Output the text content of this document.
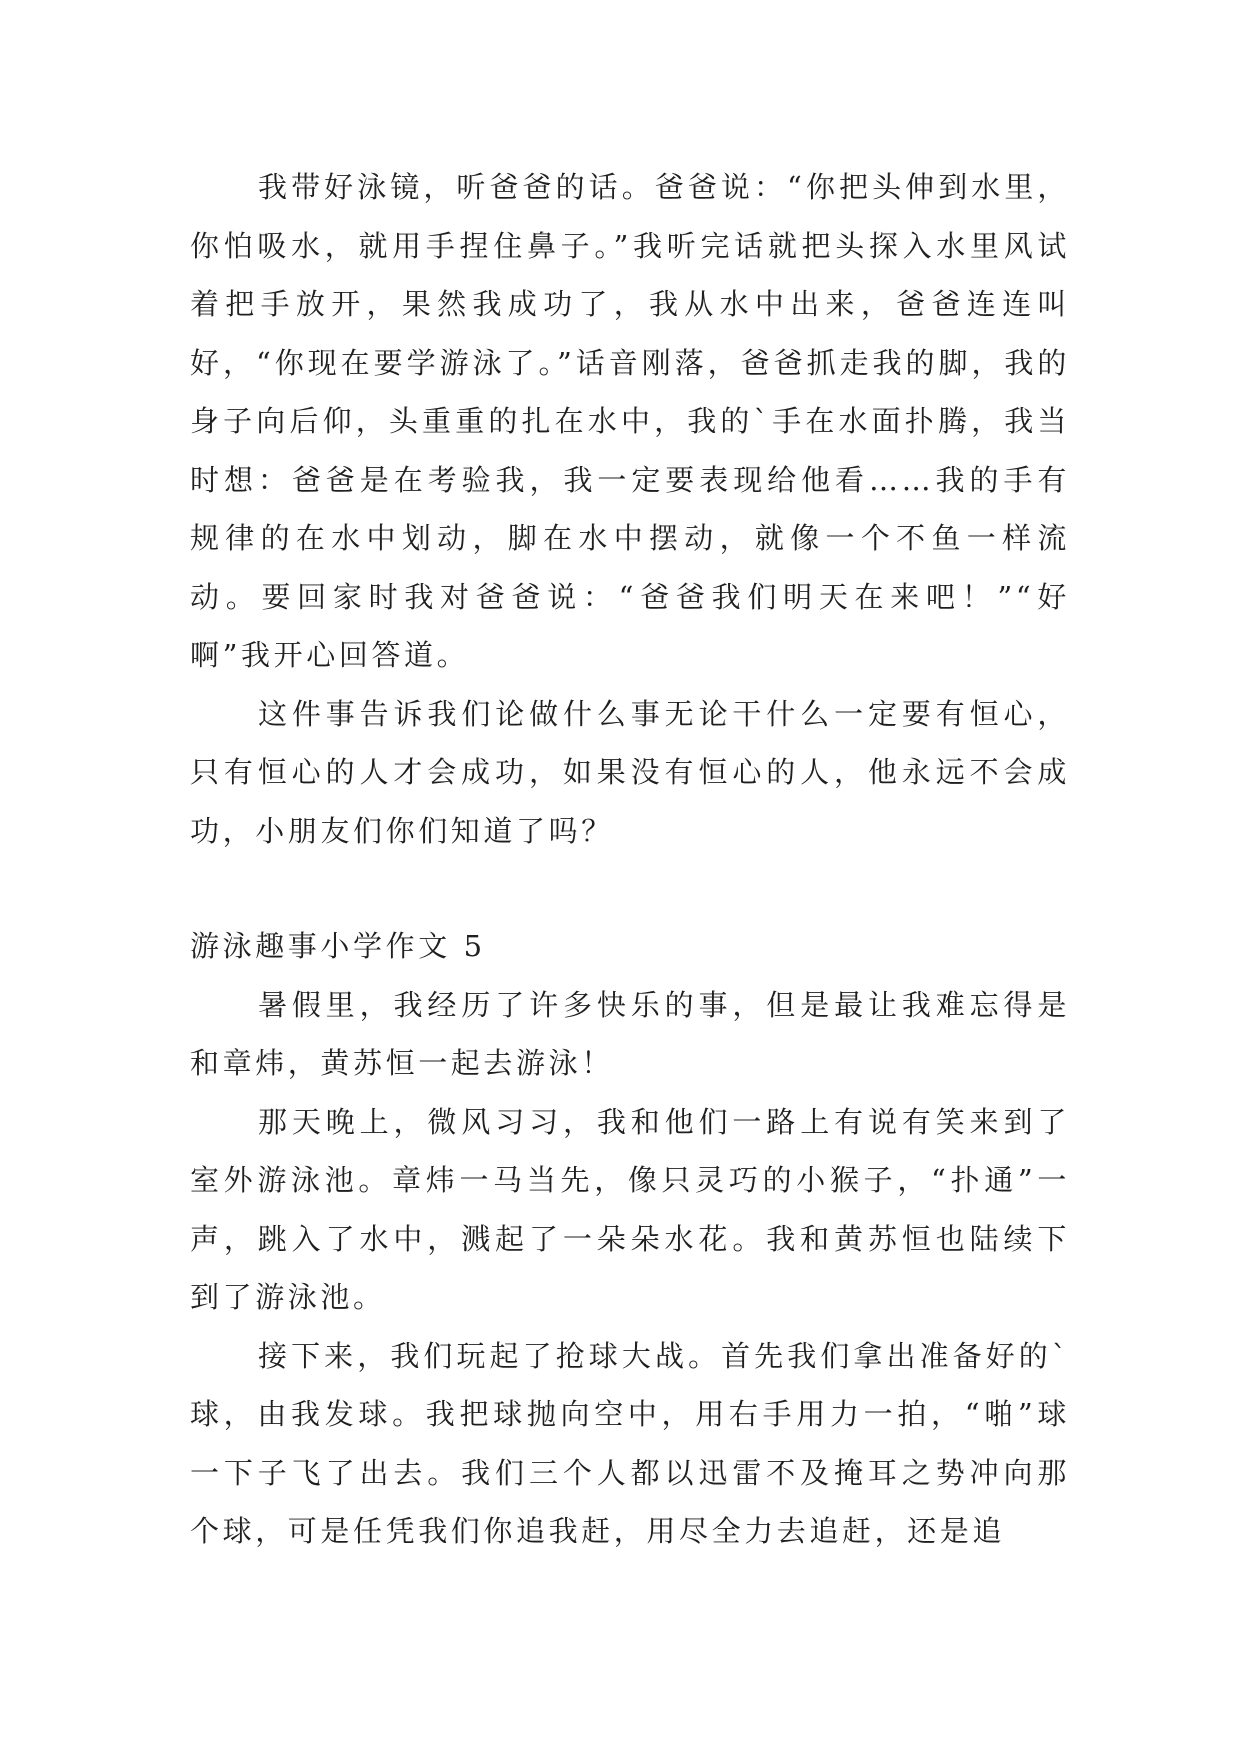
我带好泳镜，听爸爸的话。爸爸说：“你把头伸到水里，你怕吸水，就用手捏住鼻子。”我听完话就把头探入水里风试着把手放开，果然我成功了，我从水中出来，爸爸连连叫好，“你现在要学游泳了。”话音刚落，爸爸抓走我的脚，我的身子向后仰，头重重的扎在水中，我的`手在水面扑腾，我当时想：爸爸是在考验我，我一定要表现给他看……我的手有规律的在水中划动，脚在水中摆动，就像一个不鱼一样流动。要回家时我对爸爸说：“爸爸我们明天在来吧！”“好啊”我开心回答道。

这件事告诉我们论做什么事无论干什么一定要有恒心，只有恒心的人才会成功，如果没有恒心的人，他永远不会成功，小朋友们你们知道了吗？

游泳趣事小学作文 5

暑假里，我经历了许多快乐的事，但是最让我难忘得是和章炜，黄苏恒一起去游泳！

那天晚上，微风习习，我和他们一路上有说有笑来到了室外游泳池。章炜一马当先，像只灵巧的小猴子，“扑通”一声，跳入了水中，溅起了一朵朵水花。我和黄苏恒也陆续下到了游泳池。

接下来，我们玩起了抢球大战。首先我们拿出准备好的`球，由我发球。我把球抛向空中，用右手用力一拍，“啪”球一下子飞了出去。我们三个人都以迅雷不及掩耳之势冲向那个球，可是任凭我们你追我赶，用尽全力去追赶，还是追
